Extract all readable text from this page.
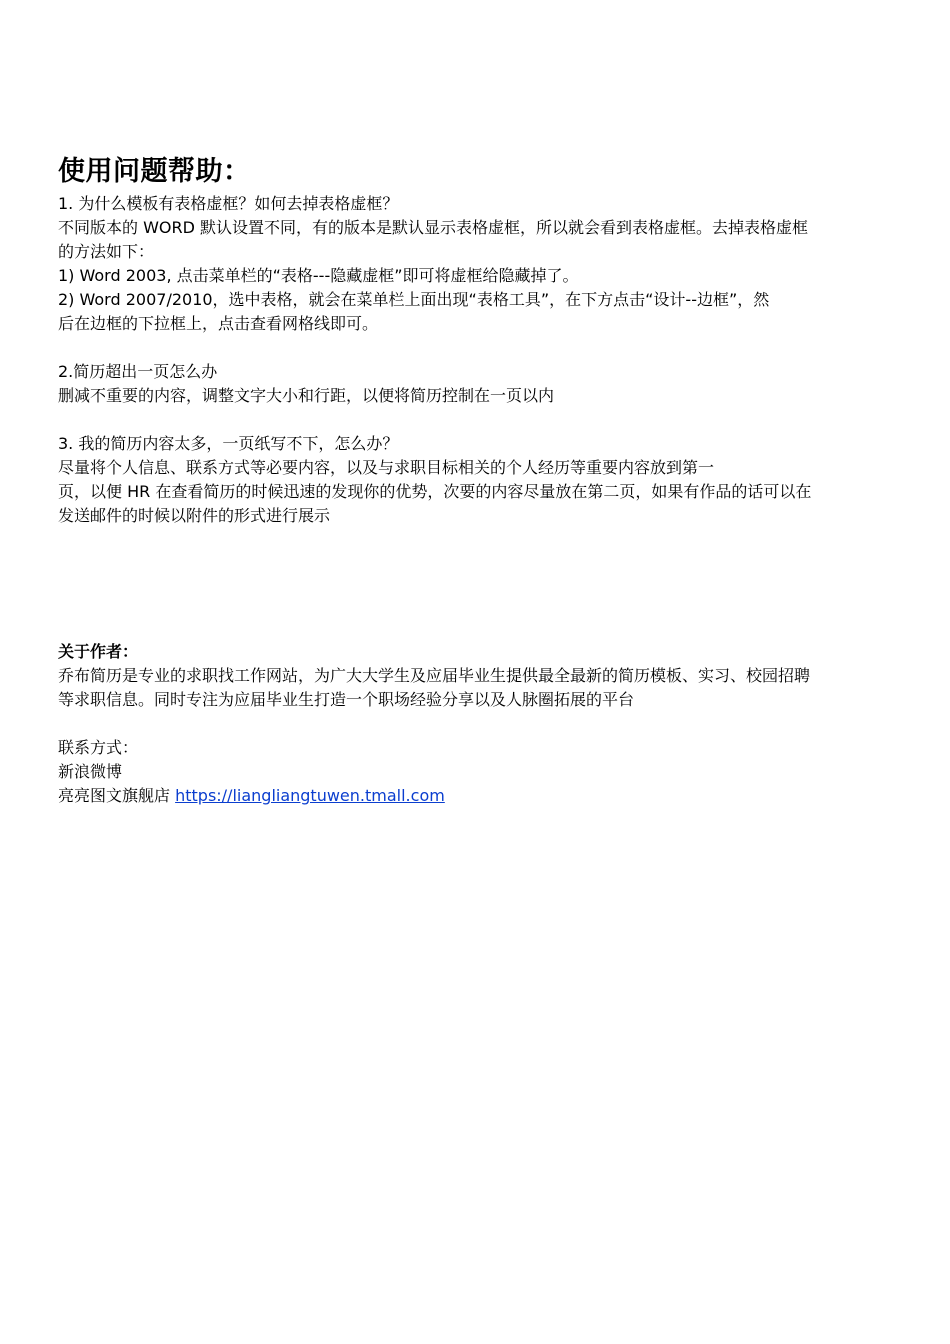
使用问题帮助：

1. 为什么模板有表格虚框？如何去掉表格虚框？

不同版本的 WORD 默认设置不同，有的版本是默认显示表格虚框，所以就会看到表格虚框。去掉表格虚框

的方法如下：

1) Word 2003, 点击菜单栏的“表格---隐藏虚框”即可将虚框给隐藏掉了。

2) Word 2007/2010，选中表格，就会在菜单栏上面出现“表格工具”，在下方点击“设计--边框”，然

后在边框的下拉框上，点击查看网格线即可。

2.简历超出一页怎么办

删减不重要的内容，调整文字大小和行距，以便将简历控制在一页以内

3. 我的简历内容太多，一页纸写不下，怎么办？

尽量将个人信息、联系方式等必要内容，以及与求职目标相关的个人经历等重要内容放到第一

页，以便 HR 在查看简历的时候迅速的发现你的优势，次要的内容尽量放在第二页，如果有作品的话可以在

发送邮件的时候以附件的形式进行展示

关于作者：

乔布简历是专业的求职找工作网站，为广大大学生及应届毕业生提供最全最新的简历模板、实习、校园招聘

等求职信息。同时专注为应届毕业生打造一个职场经验分享以及人脉圈拓展的平台

联系方式：

新浪微博

亮亮图文旗舰店 https://liangliangtuwen.tmall.com
